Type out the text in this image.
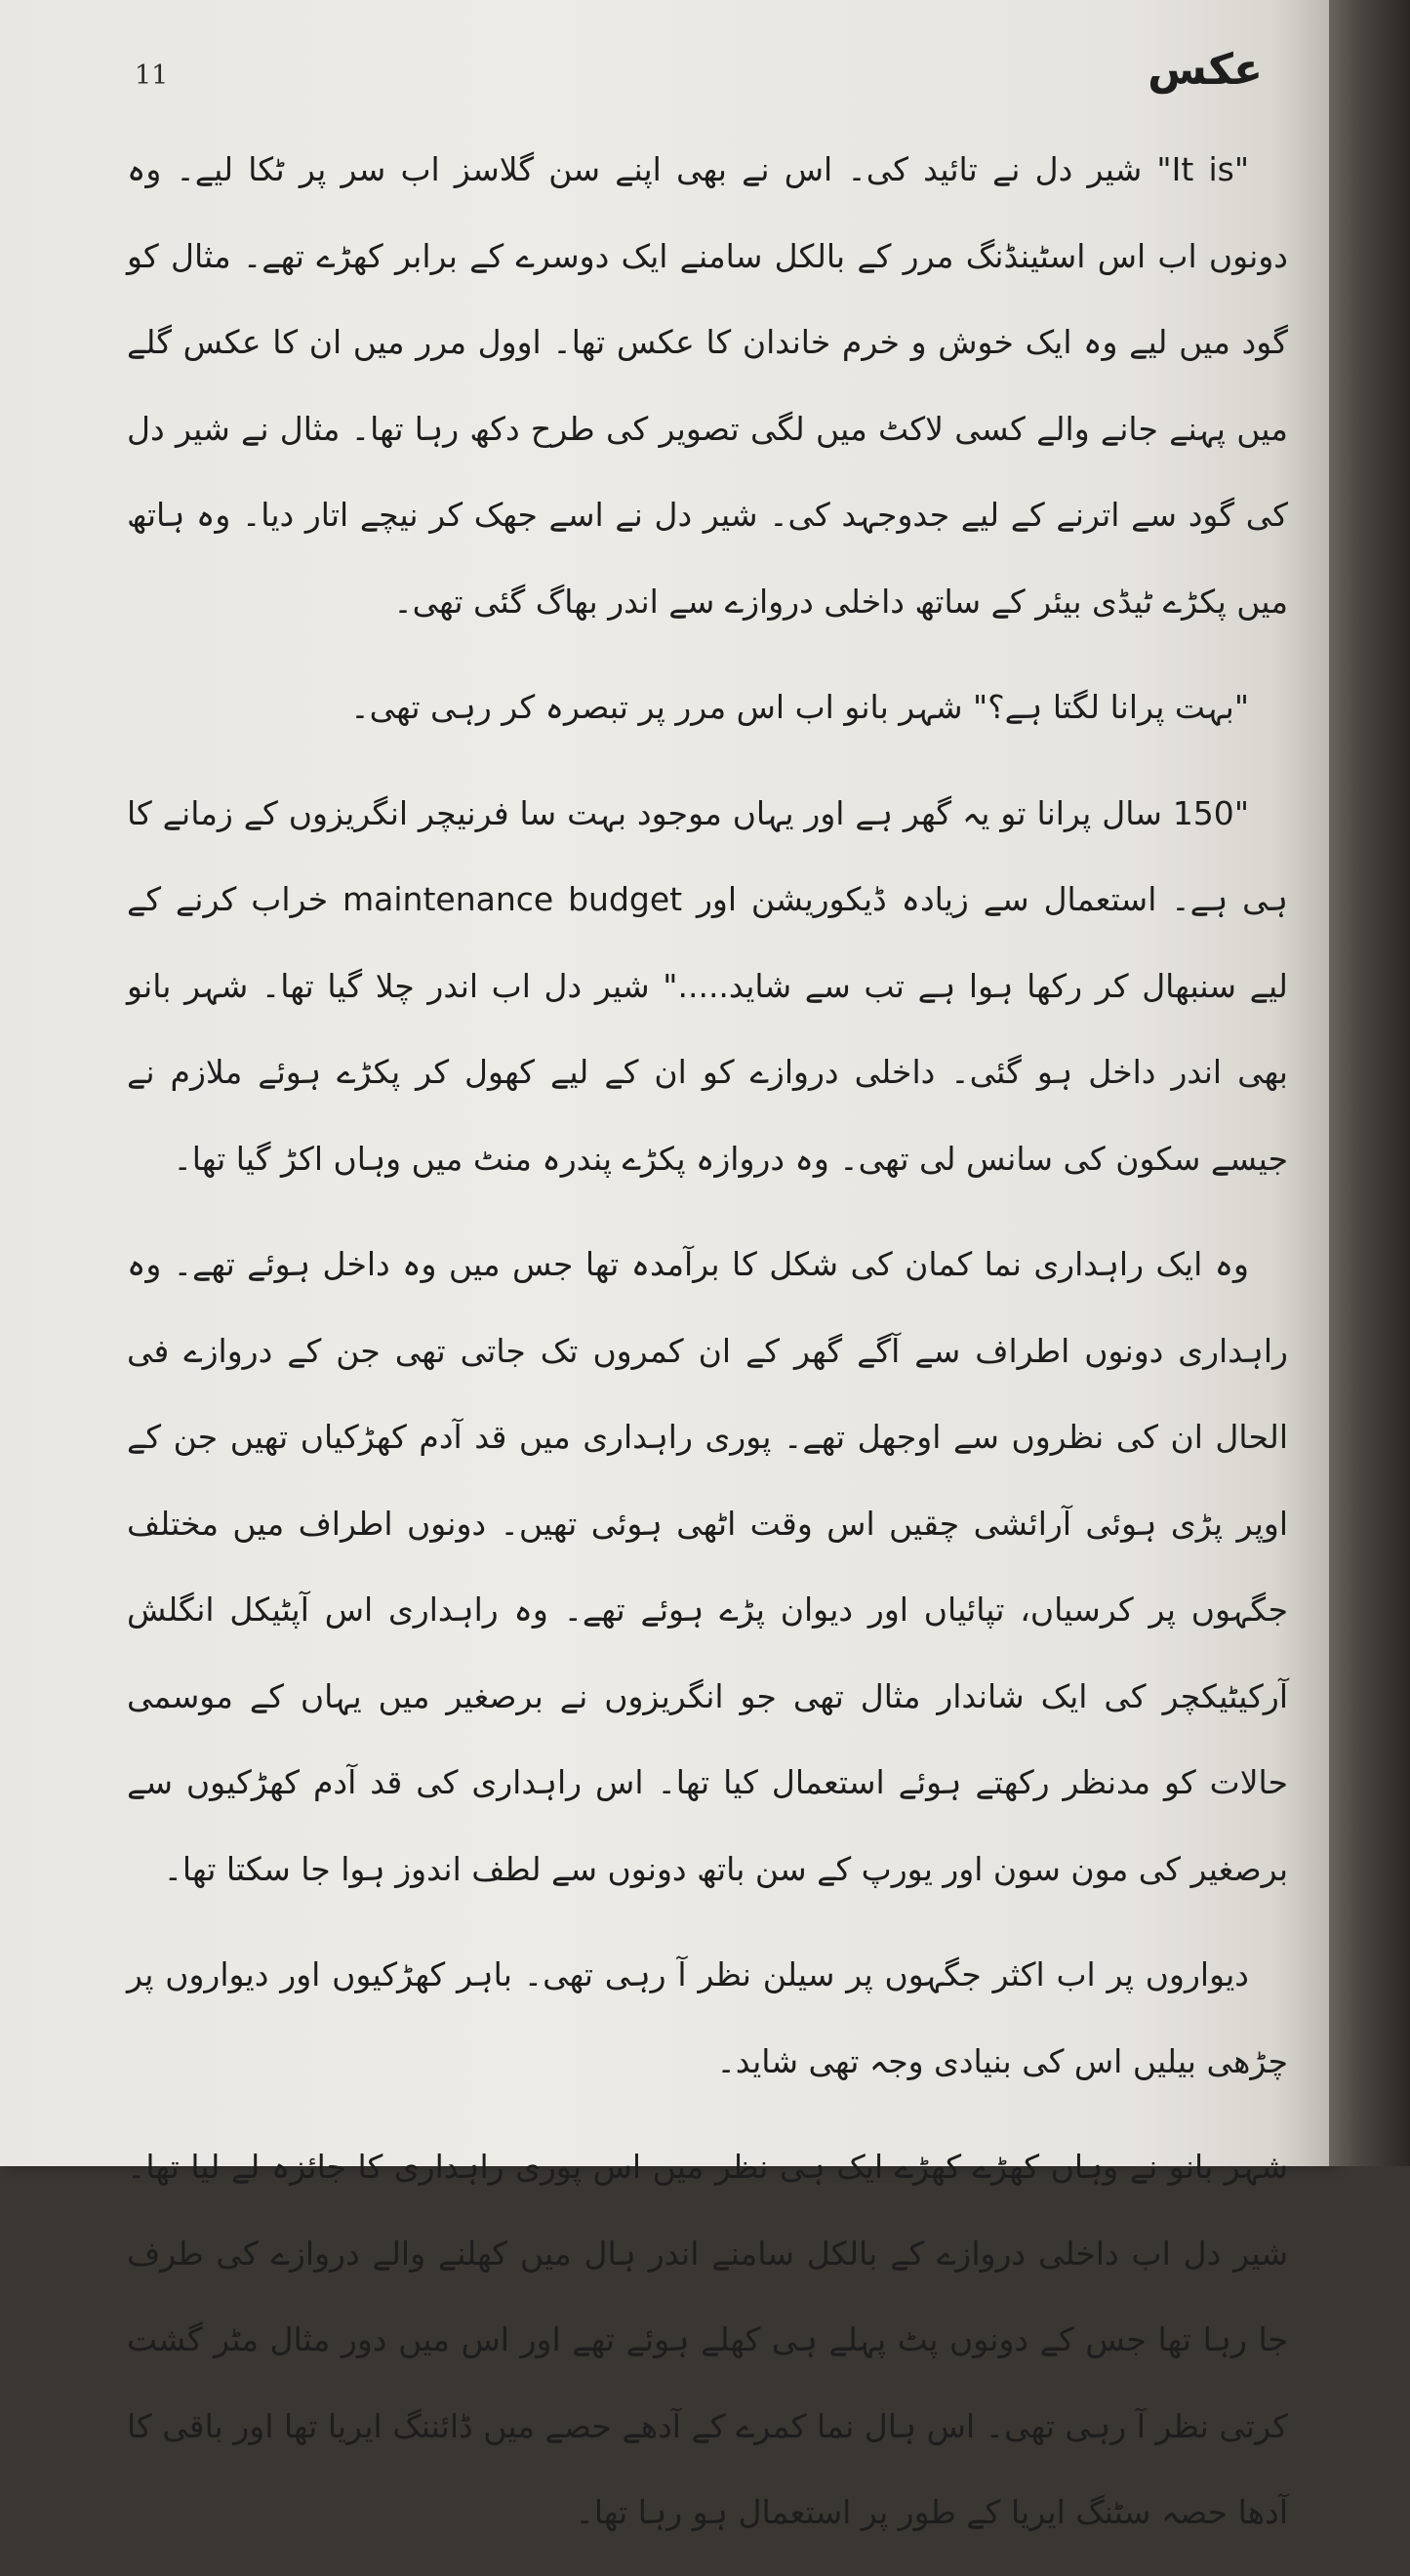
11	عکس

"It is" شیر دل نے تائید کی۔ اس نے بھی اپنے سن گلاسز اب سر پر ٹکا لیے۔ وہ دونوں اب اس اسٹینڈنگ مرر کے بالکل سامنے ایک دوسرے کے برابر کھڑے تھے۔ مثال کو گود میں لیے وہ ایک خوش و خرم خاندان کا عکس تھا۔ اوول مرر میں ان کا عکس گلے میں پہنے جانے والے کسی لاکٹ میں لگی تصویر کی طرح دکھ رہا تھا۔ مثال نے شیر دل کی گود سے اترنے کے لیے جدوجہد کی۔ شیر دل نے اسے جھک کر نیچے اتار دیا۔ وہ ہاتھ میں پکڑے ٹیڈی بیئر کے ساتھ داخلی دروازے سے اندر بھاگ گئی تھی۔

"بہت پرانا لگتا ہے؟" شہر بانو اب اس مرر پر تبصرہ کر رہی تھی۔

"150 سال پرانا تو یہ گھر ہے اور یہاں موجود بہت سا فرنیچر انگریزوں کے زمانے کا ہی ہے۔ استعمال سے زیادہ ڈیکوریشن اور maintenance budget خراب کرنے کے لیے سنبھال کر رکھا ہوا ہے تب سے شاید....." شیر دل اب اندر چلا گیا تھا۔ شہر بانو بھی اندر داخل ہو گئی۔ داخلی دروازے کو ان کے لیے کھول کر پکڑے ہوئے ملازم نے جیسے سکون کی سانس لی تھی۔ وہ دروازہ پکڑے پندرہ منٹ میں وہاں اکڑ گیا تھا۔

وہ ایک راہداری نما کمان کی شکل کا برآمدہ تھا جس میں وہ داخل ہوئے تھے۔ وہ راہداری دونوں اطراف سے آگے گھر کے ان کمروں تک جاتی تھی جن کے دروازے فی الحال ان کی نظروں سے اوجھل تھے۔ پوری راہداری میں قد آدم کھڑکیاں تھیں جن کے اوپر پڑی ہوئی آرائشی چقیں اس وقت اٹھی ہوئی تھیں۔ دونوں اطراف میں مختلف جگہوں پر کرسیاں، تپائیاں اور دیوان پڑے ہوئے تھے۔ وہ راہداری اس آپٹیکل انگلش آرکیٹیکچر کی ایک شاندار مثال تھی جو انگریزوں نے برصغیر میں یہاں کے موسمی حالات کو مدنظر رکھتے ہوئے استعمال کیا تھا۔ اس راہداری کی قد آدم کھڑکیوں سے برصغیر کی مون سون اور یورپ کے سن باتھ دونوں سے لطف اندوز ہوا جا سکتا تھا۔

دیواروں پر اب اکثر جگہوں پر سیلن نظر آ رہی تھی۔ باہر کھڑکیوں اور دیواروں پر چڑھی بیلیں اس کی بنیادی وجہ تھی شاید۔

شہر بانو نے وہاں کھڑے کھڑے ایک ہی نظر میں اس پوری راہداری کا جائزہ لے لیا تھا۔ شیر دل اب داخلی دروازے کے بالکل سامنے اندر ہال میں کھلنے والے دروازے کی طرف جا رہا تھا جس کے دونوں پٹ پہلے ہی کھلے ہوئے تھے اور اس میں دور مثال مٹر گشت کرتی نظر آ رہی تھی۔ اس ہال نما کمرے کے آدھے حصے میں ڈائننگ ایریا تھا اور باقی کا آدھا حصہ سٹنگ ایریا کے طور پر استعمال ہو رہا تھا۔
